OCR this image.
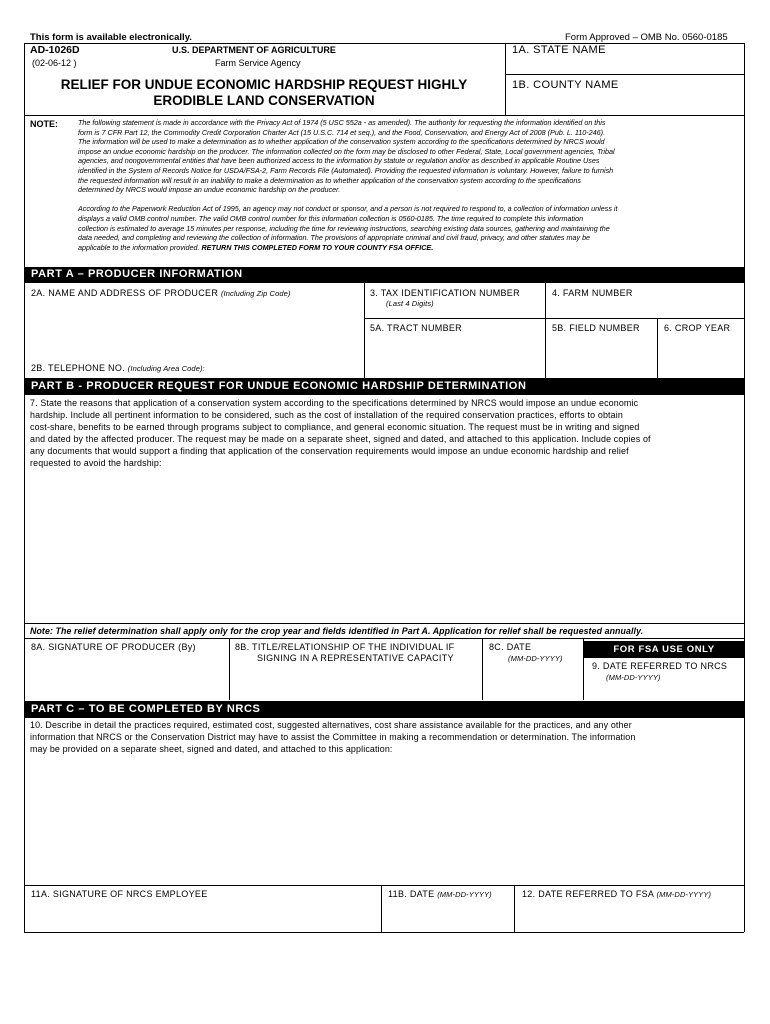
This form is available electronically.	Form Approved – OMB No. 0560-0185
AD-1026D
(02-06-12 )
U.S. DEPARTMENT OF AGRICULTURE
Farm Service Agency
RELIEF FOR UNDUE ECONOMIC HARDSHIP REQUEST HIGHLY
ERODIBLE LAND CONSERVATION
1A. STATE NAME
1B. COUNTY NAME
NOTE:	The following statement is made in accordance with the Privacy Act of 1974 (5 USC 552a - as amended). The authority for requesting the information identified on this
form is 7 CFR Part 12, the Commodity Credit Corporation Charter Act (15 U.S.C. 714 et seq.), and the Food, Conservation, and Energy Act of 2008 (Pub. L. 110-246).
The information will be used to make a determination as to whether application of the conservation system according to the specifications determined by NRCS would
impose an undue economic hardship on the producer. The information collected on the form may be disclosed to other Federal, State, Local government agencies, Tribal
agencies, and nongovernmental entities that have been authorized access to the information by statute or regulation and/or as described in applicable Routine Uses
identified in the System of Records Notice for USDA/FSA-2, Farm Records File (Automated). Providing the requested information is voluntary. However, failure to furnish
the requested information will result in an inability to make a determination as to whether application of the conservation system according to the specifications
determined by NRCS would impose an undue economic hardship on the producer.
According to the Paperwork Reduction Act of 1995, an agency may not conduct or sponsor, and a person is not required to respond to, a collection of information unless it
displays a valid OMB control number. The valid OMB control number for this information collection is 0560-0185. The time required to complete this information
collection is estimated to average 15 minutes per response, including the time for reviewing instructions, searching existing data sources, gathering and maintaining the
data needed, and completing and reviewing the collection of information. The provisions of appropriate criminal and civil fraud, privacy, and other statutes may be
applicable to the information provided. RETURN THIS COMPLETED FORM TO YOUR COUNTY FSA OFFICE.
PART A – PRODUCER INFORMATION
2A. NAME AND ADDRESS OF PRODUCER (Including Zip Code)	3. TAX IDENTIFICATION NUMBER
(Last 4 Digits)
4. FARM NUMBER
5A. TRACT NUMBER	5B. FIELD NUMBER	6. CROP YEAR
2B. TELEPHONE NO. (Including Area Code):
PART B - PRODUCER REQUEST FOR UNDUE ECONOMIC HARDSHIP DETERMINATION
7. State the reasons that application of a conservation system according to the specifications determined by NRCS would impose an undue economic
hardship. Include all pertinent information to be considered, such as the cost of installation of the required conservation practices, efforts to obtain
cost-share, benefits to be earned through programs subject to compliance, and general economic situation. The request must be in writing and signed
and dated by the affected producer. The request may be made on a separate sheet, signed and dated, and attached to this application. Include copies of
any documents that would support a finding that application of the conservation requirements would impose an undue economic hardship and relief
requested to avoid the hardship:
Note: The relief determination shall apply only for the crop year and fields identified in Part A. Application for relief shall be requested annually.
8A. SIGNATURE OF PRODUCER (By)	8B. TITLE/RELATIONSHIP OF THE INDIVIDUAL IF
SIGNING IN A REPRESENTATIVE CAPACITY
8C. DATE
(MM-DD-YYYY)
FOR FSA USE ONLY
9. DATE REFERRED TO NRCS
(MM-DD-YYYY)
PART C – TO BE COMPLETED BY NRCS
10. Describe in detail the practices required, estimated cost, suggested alternatives, cost share assistance available for the practices, and any other
information that NRCS or the Conservation District may have to assist the Committee in making a recommendation or determination. The information
may be provided on a separate sheet, signed and dated, and attached to this application:
11A. SIGNATURE OF NRCS EMPLOYEE	11B. DATE (MM-DD-YYYY)	12. DATE REFERRED TO FSA (MM-DD-YYYY)
